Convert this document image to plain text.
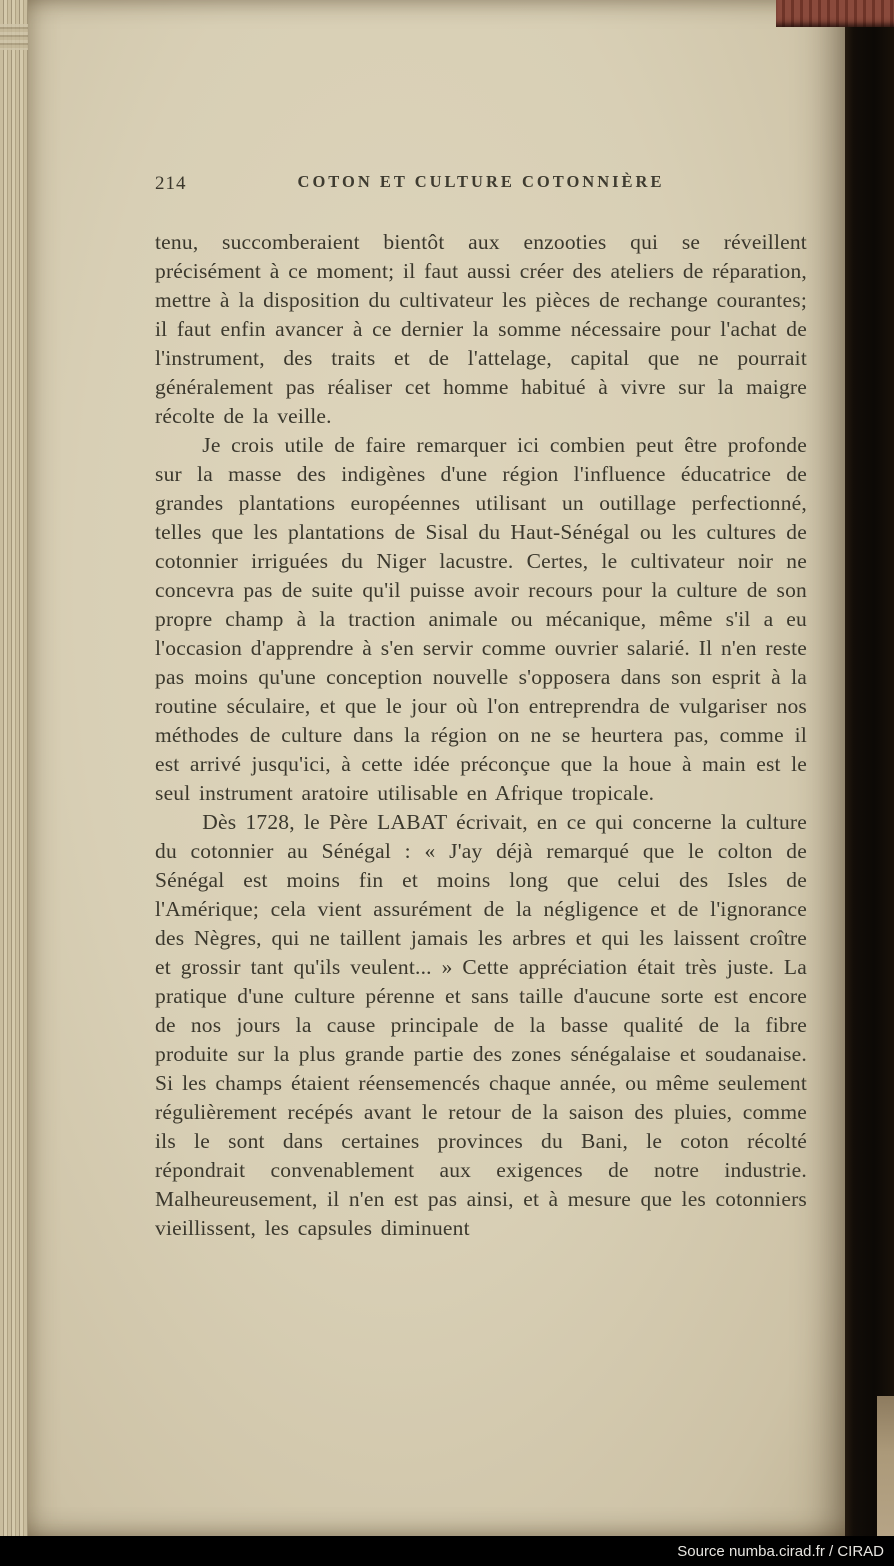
214	COTON ET CULTURE COTONNIÈRE

tenu, succomberaient bientôt aux enzooties qui se réveillent précisément à ce moment; il faut aussi créer des ateliers de réparation, mettre à la disposition du cultivateur les pièces de rechange courantes; il faut enfin avancer à ce dernier la somme nécessaire pour l'achat de l'instrument, des traits et de l'attelage, capital que ne pourrait généralement pas réaliser cet homme habitué à vivre sur la maigre récolte de la veille.

Je crois utile de faire remarquer ici combien peut être profonde sur la masse des indigènes d'une région l'influence éducatrice de grandes plantations européennes utilisant un outillage perfectionné, telles que les plantations de Sisal du Haut-Sénégal ou les cultures de cotonnier irriguées du Niger lacustre. Certes, le cultivateur noir ne concevra pas de suite qu'il puisse avoir recours pour la culture de son propre champ à la traction animale ou mécanique, même s'il a eu l'occasion d'apprendre à s'en servir comme ouvrier salarié. Il n'en reste pas moins qu'une conception nouvelle s'opposera dans son esprit à la routine séculaire, et que le jour où l'on entreprendra de vulgariser nos méthodes de culture dans la région on ne se heurtera pas, comme il est arrivé jusqu'ici, à cette idée préconçue que la houe à main est le seul instrument aratoire utilisable en Afrique tropicale.

Dès 1728, le Père LABAT écrivait, en ce qui concerne la culture du cotonnier au Sénégal : « J'ay déjà remarqué que le colton de Sénégal est moins fin et moins long que celui des Isles de l'Amérique; cela vient assurément de la négligence et de l'ignorance des Nègres, qui ne taillent jamais les arbres et qui les laissent croître et grossir tant qu'ils veulent... » Cette appréciation était très juste. La pratique d'une culture pérenne et sans taille d'aucune sorte est encore de nos jours la cause principale de la basse qualité de la fibre produite sur la plus grande partie des zones sénégalaise et soudanaise. Si les champs étaient réensemencés chaque année, ou même seulement régulièrement recépés avant le retour de la saison des pluies, comme ils le sont dans certaines provinces du Bani, le coton récolté répondrait convenablement aux exigences de notre industrie. Malheureusement, il n'en est pas ainsi, et à mesure que les cotonniers vieillissent, les capsules diminuent

Source numba.cirad.fr / CIRAD
